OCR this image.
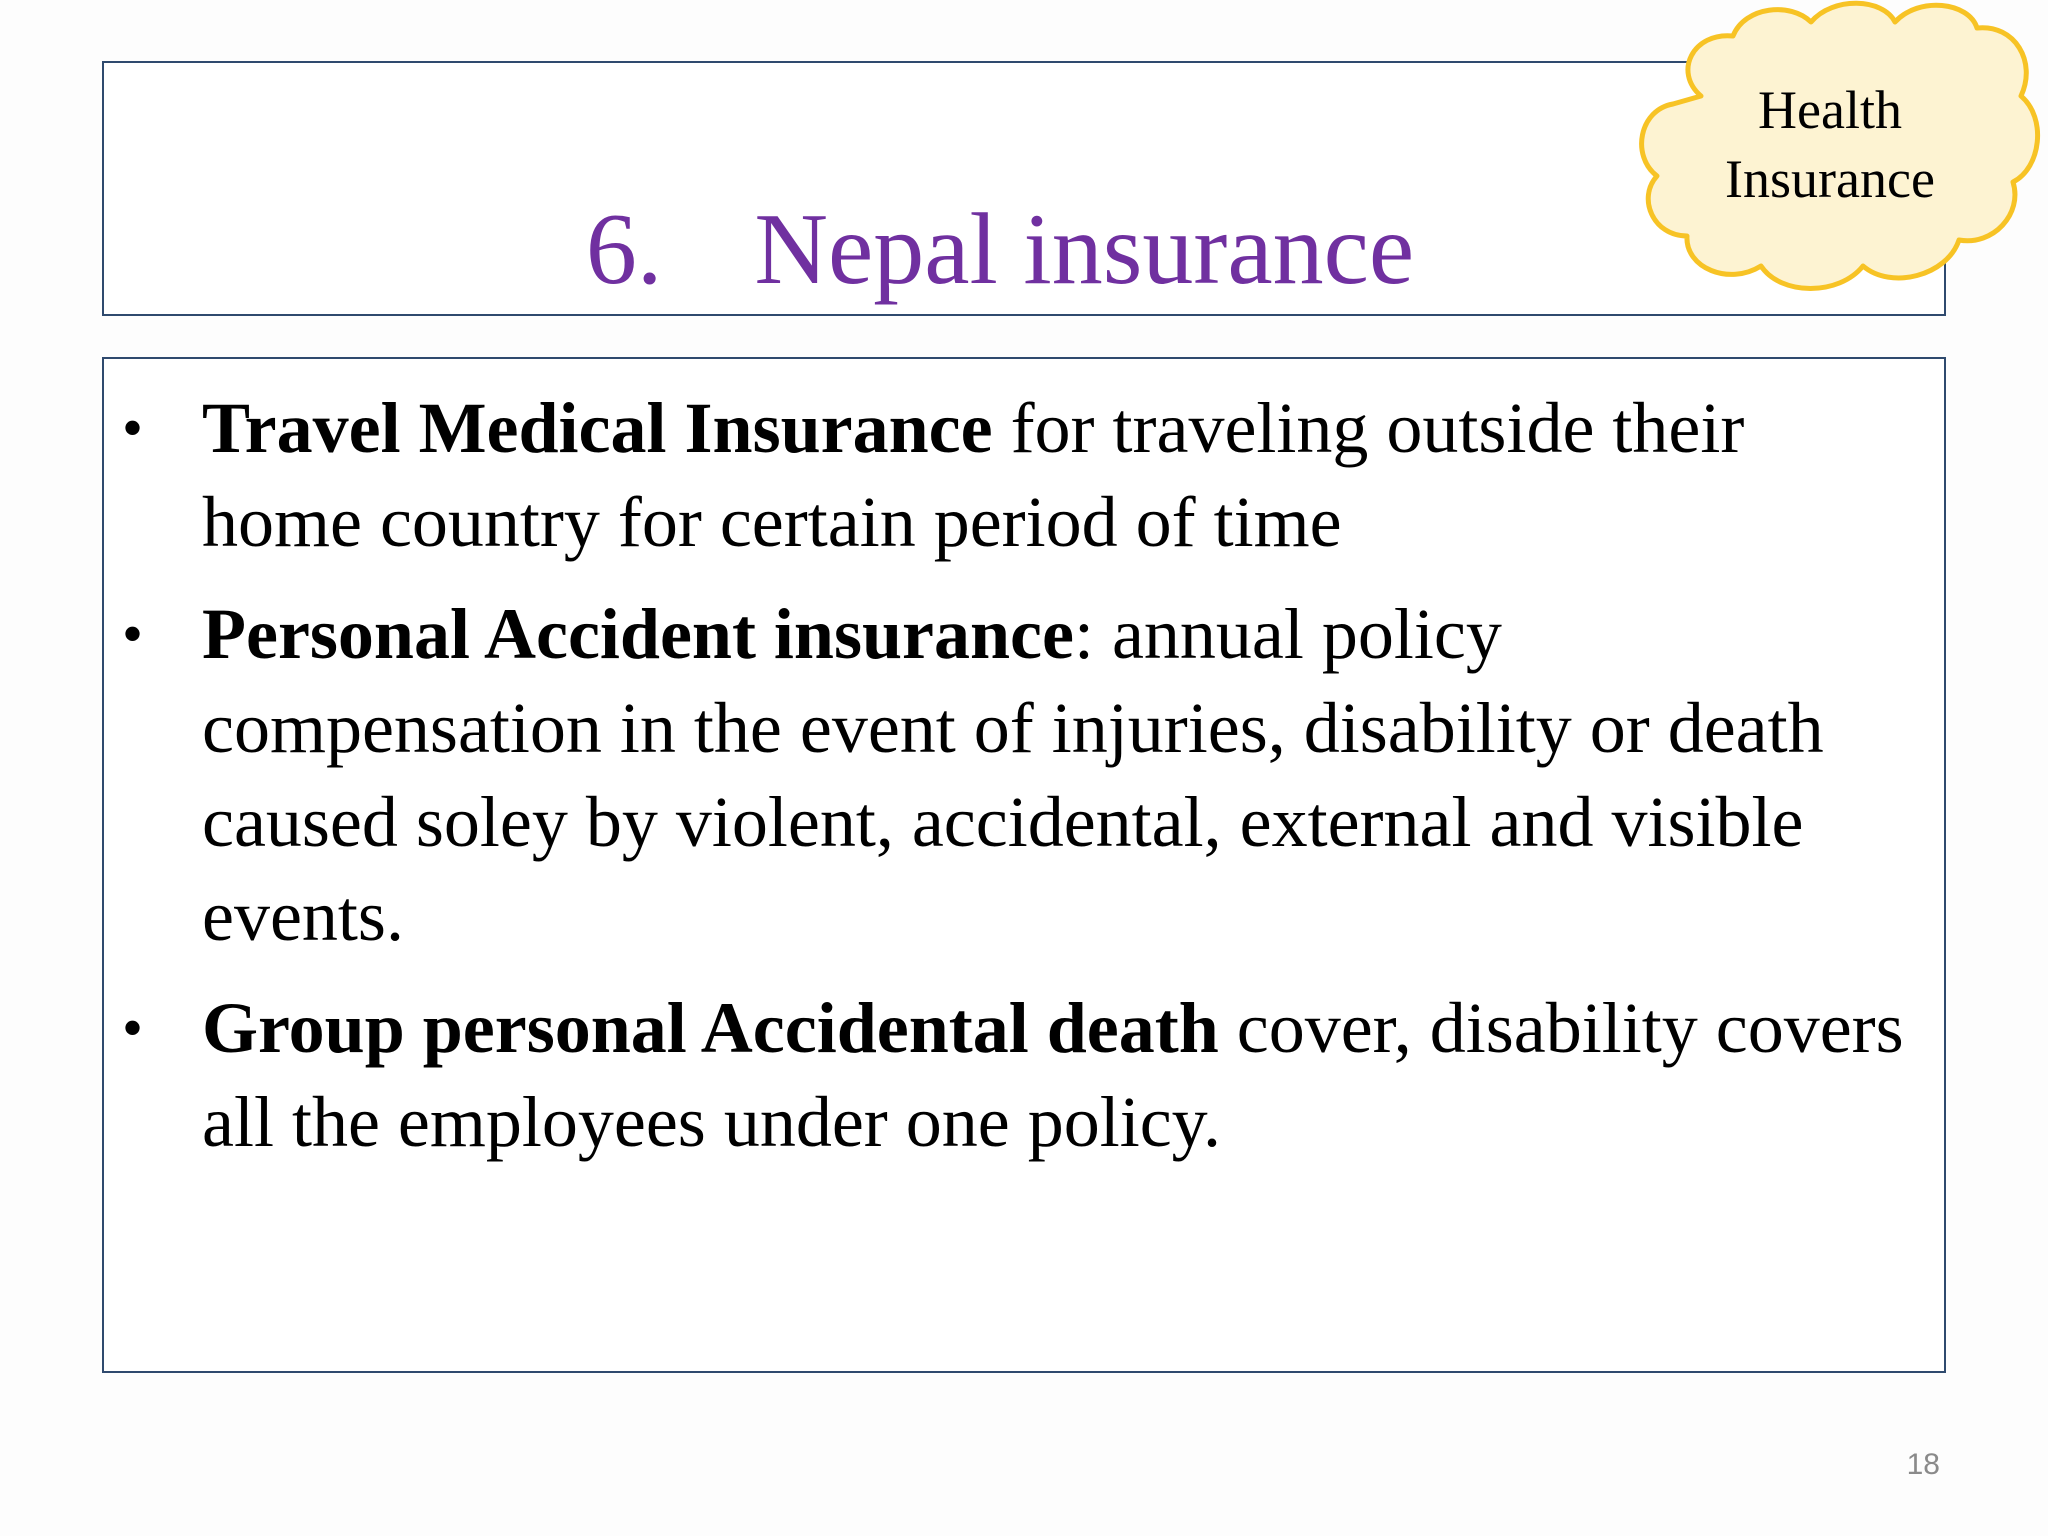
6. Nepal insurance
Health
Insurance
• Travel Medical Insurance for traveling outside their home country for certain period of time
• Personal Accident insurance: annual policy compensation in the event of injuries, disability or death caused soley by violent, accidental, external and visible events.
• Group personal Accidental death cover, disability covers all the employees under one policy.
18
